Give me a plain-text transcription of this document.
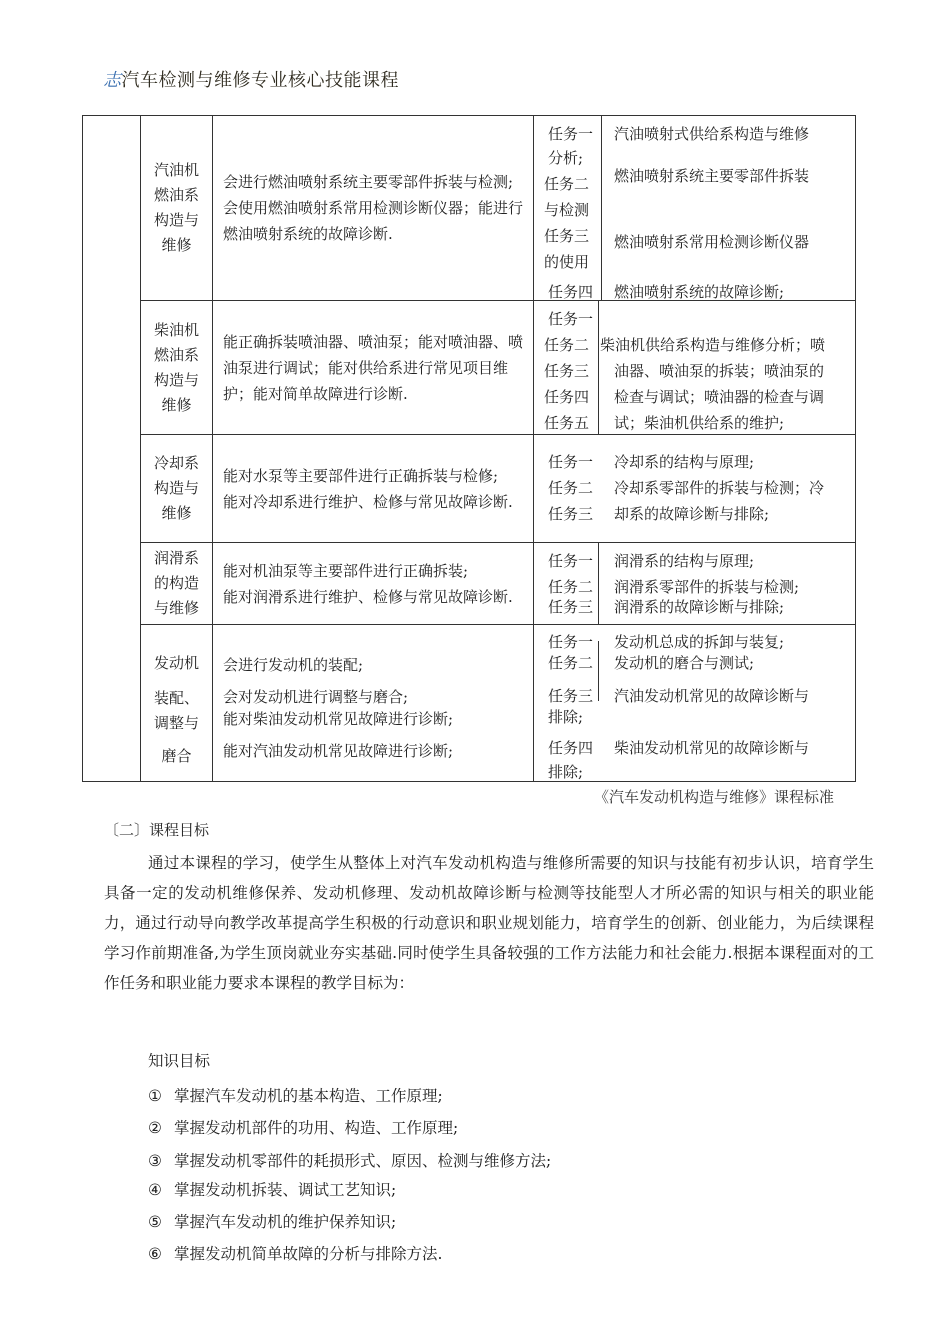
志汽车检测与维修专业核心技能课程
汽油机
燃油系
构造与
维修
会进行燃油喷射系统主要零部件拆装与检测;
会使用燃油喷射系常用检测诊断仪器；能进行燃油喷射系统的故障诊断.
任务一
分析;
任务二
与检测
任务三
的使用
任务四
汽油喷射式供给系构造与维修
燃油喷射系统主要零部件拆装
燃油喷射系常用检测诊断仪器
燃油喷射系统的故障诊断;
柴油机
燃油系
构造与
维修
能正确拆装喷油器、喷油泵；能对喷油器、喷油泵进行调试；能对供给系进行常见项目维护；能对简单故障进行诊断.
任务一
任务二
任务三
任务四
任务五
柴油机供给系构造与维修分析；喷
油器、喷油泵的拆装；喷油泵的
检查与调试；喷油器的检查与调
试；柴油机供给系的维护;
冷却系
构造与
维修
能对水泵等主要部件进行正确拆装与检修;
能对冷却系进行维护、检修与常见故障诊断.
任务一
任务二
任务三
冷却系的结构与原理;
冷却系零部件的拆装与检测；冷
却系的故障诊断与排除;
润滑系
的构造
与维修
能对机油泵等主要部件进行正确拆装;
能对润滑系进行维护、检修与常见故障诊断.
任务一
任务二
任务三
润滑系的结构与原理;
润滑系零部件的拆装与检测;
润滑系的故障诊断与排除;
发动机
装配、
调整与
磨合
会进行发动机的装配;
会对发动机进行调整与磨合;
能对柴油发动机常见故障进行诊断;
能对汽油发动机常见故障进行诊断;
任务一
任务二
任务三
排除;
任务四
排除;
发动机总成的拆卸与装复;
发动机的磨合与测试;
汽油发动机常见的故障诊断与
柴油发动机常见的故障诊断与
《汽车发动机构造与维修》课程标准
〔二〕课程目标
通过本课程的学习，使学生从整体上对汽车发动机构造与维修所需要的知识与技能有初步认识，培育学生具备一定的发动机维修保养、发动机修理、发动机故障诊断与检测等技能型人才所必需的知识与相关的职业能力，通过行动导向教学改革提高学生积极的行动意识和职业规划能力，培育学生的创新、创业能力，为后续课程学习作前期准备,为学生顶岗就业夯实基础.同时使学生具备较强的工作方法能力和社会能力.根据本课程面对的工作任务和职业能力要求本课程的教学目标为：
知识目标
① 掌握汽车发动机的基本构造、工作原理;
② 掌握发动机部件的功用、构造、工作原理;
③ 掌握发动机零部件的耗损形式、原因、检测与维修方法;
④ 掌握发动机拆装、调试工艺知识;
⑤ 掌握汽车发动机的维护保养知识;
⑥ 掌握发动机简单故障的分析与排除方法.
